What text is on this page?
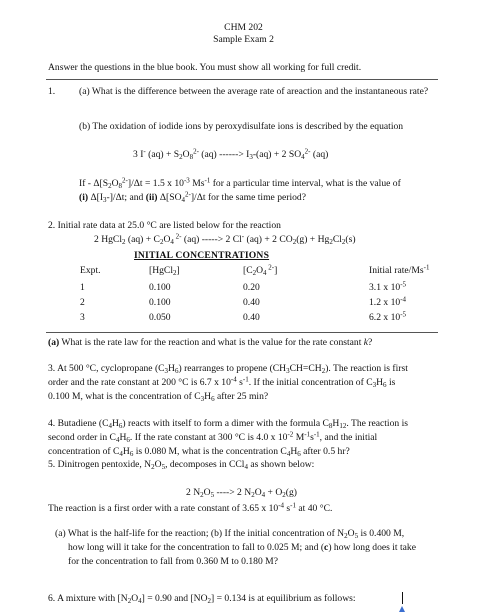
CHM 202
Sample Exam 2
Answer the questions in the blue book. You must show all working for full credit.
1. (a) What is the difference between the average rate of areaction and the instantaneous rate?
(b) The oxidation of iodide ions by peroxydisulfate ions is described by the equation
3 I- $(aq) + S_2O_8^{2-}$ (aq) ------> $I_3-(aq) + 2$ $SO_4^{2-}$ (aq)
$If - \Delta[S_2O_8^{2-}]/\Delta t = 1.5$ x $10^{-3}$ $Ms^{-1}$ for a particular time interval, what is the value of
(i) $\Delta[I_3-]/\Delta t$; and (ii) $\Delta[SO_4^{2-}]/\Delta t$ for the same time period?
2. Initial rate data at 25.0 °C are listed below for the reaction
2 HgCl$_2$ $(aq) + C_2O_4$ $^{2-}$ (aq) -----> 2 Cl- (aq) + 2 $CO_2(g) + Hg_2Cl_2(s)$
INITIAL CONCENTRATIONS
Expt.	[HgCl$_2$]	[$C_2O_4$ $^{2-}$]	Initial rate/$Ms^{-1}$
1	0.100	0.20	3.1 x $10^{-5}$
2	0.100	0.40	1.2 x $10^{-4}$
3	0.050	0.40	6.2 x $10^{-5}$
(a) What is the rate law for the reaction and what is the value for the rate constant k?
3. At 500 °C, cyclopropane $(C_3H_6)$ rearranges to propene $(CH_3CH=CH_2)$. The reaction is first
order and the rate constant at 200 °C is 6.7 x $10^{-4}$ $s^{-1}$. If the initial concentration of $C_3H_6$ is
0.100 M, what is the concentration of $C_3H_6$ after 25 min?
4. Butadiene $(C_4H_6)$ reacts with itself to form a dimer with the formula $C_8H_{12}$. The reaction is
second order in $C_4H_6$. If the rate constant at 300 °C is 4.0 x $10^{-2}$ $M^{-1}s^{-1}$, and the initial
concentration of $C_4H_6$ is 0.080 M, what is the concentration $C_4H_6$ after 0.5 hr?
5. Dinitrogen pentoxide, $N_2O_5$, decomposes in CCl$_4$ as shown below:
2 $N_2O_5$ ----> 2 $N_2O_4 + O_2(g)$
The reaction is a first order with a rate constant of 3.65 x $10^{-4}$ $s^{-1}$ at 40 °C.
(a) What is the half-life for the reaction; (b) If the initial concentration of $N_2O_5$ is 0.400 M,
how long will it take for the concentration to fall to 0.025 M; and (c) how long does it take
for the concentration to fall from 0.360 M to 0.180 M?
6. A mixture with $[N_2O_4] = 0.90$ and $[NO_2] = 0.134$ is at equilibrium as follows:
